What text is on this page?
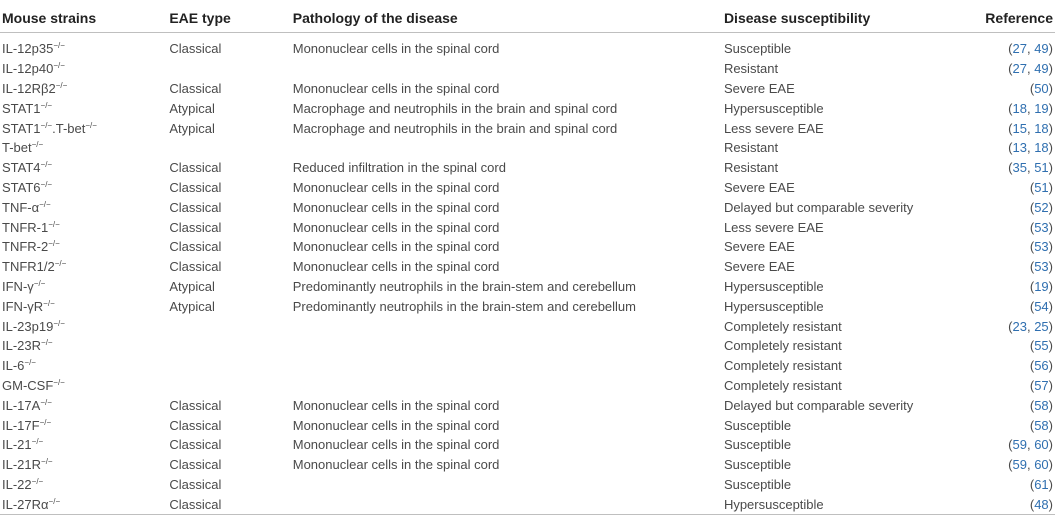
Mouse strains	EAE type	Pathology of the disease	Disease susceptibility	Reference
IL-12p35−/−	Classical	Mononuclear cells in the spinal cord	Susceptible	(27, 49)
IL-12p40−/−			Resistant	(27, 49)
IL-12Rβ2−/−	Classical	Mononuclear cells in the spinal cord	Severe EAE	(50)
STAT1−/−	Atypical	Macrophage and neutrophils in the brain and spinal cord	Hypersusceptible	(18, 19)
STAT1−/−.T-bet−/−	Atypical	Macrophage and neutrophils in the brain and spinal cord	Less severe EAE	(15, 18)
T-bet−/−			Resistant	(13, 18)
STAT4−/−	Classical	Reduced infiltration in the spinal cord	Resistant	(35, 51)
STAT6−/−	Classical	Mononuclear cells in the spinal cord	Severe EAE	(51)
TNF-α−/−	Classical	Mononuclear cells in the spinal cord	Delayed but comparable severity	(52)
TNFR-1−/−	Classical	Mononuclear cells in the spinal cord	Less severe EAE	(53)
TNFR-2−/−	Classical	Mononuclear cells in the spinal cord	Severe EAE	(53)
TNFR1/2−/−	Classical	Mononuclear cells in the spinal cord	Severe EAE	(53)
IFN-γ−/−	Atypical	Predominantly neutrophils in the brain-stem and cerebellum	Hypersusceptible	(19)
IFN-γR−/−	Atypical	Predominantly neutrophils in the brain-stem and cerebellum	Hypersusceptible	(54)
IL-23p19−/−			Completely resistant	(23, 25)
IL-23R−/−			Completely resistant	(55)
IL-6−/−			Completely resistant	(56)
GM-CSF−/−			Completely resistant	(57)
IL-17A−/−	Classical	Mononuclear cells in the spinal cord	Delayed but comparable severity	(58)
IL-17F−/−	Classical	Mononuclear cells in the spinal cord	Susceptible	(58)
IL-21−/−	Classical	Mononuclear cells in the spinal cord	Susceptible	(59, 60)
IL-21R−/−	Classical	Mononuclear cells in the spinal cord	Susceptible	(59, 60)
IL-22−/−	Classical		Susceptible	(61)
IL-27Rα−/−	Classical		Hypersusceptible	(48)
